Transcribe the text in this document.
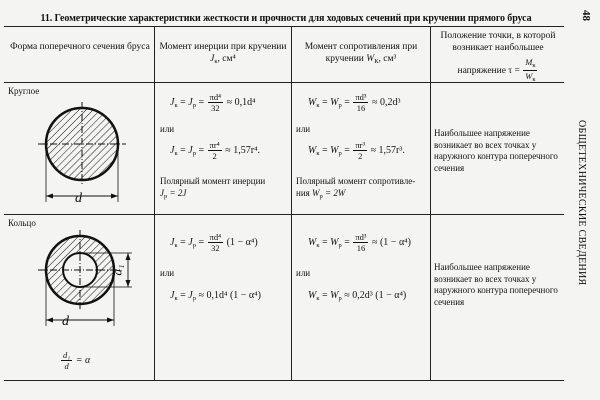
11. Геометрические характеристики жесткости и прочности для ходовых сечений при кручении прямого бруса	48
ОБЩЕТЕХНИЧЕСКИЕ СВЕДЕНИЯ
Форма поперечного сечения бруса Момент инерции при кручении
$J_к$, см⁴
Момент сопротивления при
кручении $W_К$, см³
Положение точки, в которой
возникает наибольшее
напряжение $\tau = \frac{M_к}{W_к}$
Круглое
d
$J_к = J_р = \frac{\text{πd⁴}}{32} \approx 0,1d^4$
или
$J_к = J_р = \frac{\text{πr⁴}}{2} \approx 1,57r^4$.
Полярный момент инерции
$J_р = 2J$
$W_к = W_р = \frac{\text{πd³}}{16} \approx 0,2d^3$
или
$W_к = W_р = \frac{\text{πr³}}{2} \approx 1,57r^3$.
Полярный момент сопротивле-
ния $W_р = 2W$
Наибольшее напряжение возникает во всех точках у наружного контура поперечного сечения
Кольцо
d₁
d
$\frac{\text{d₁}}{d} = \alpha$
$J_к = J_р = \frac{\text{πd⁴}}{32} (1 - \alpha^4)$
или
$J_к = J_р \approx 0,1d^4$ (1 − α⁴)
$W_к = W_р = \frac{\text{πd³}}{16} \approx (1 - \alpha^4)$
или
$W_к = W_р \approx 0,2d^3$ (1 − α⁴)
Наибольшее напряжение возникает во всех точках у наружного контура поперечного сечения
